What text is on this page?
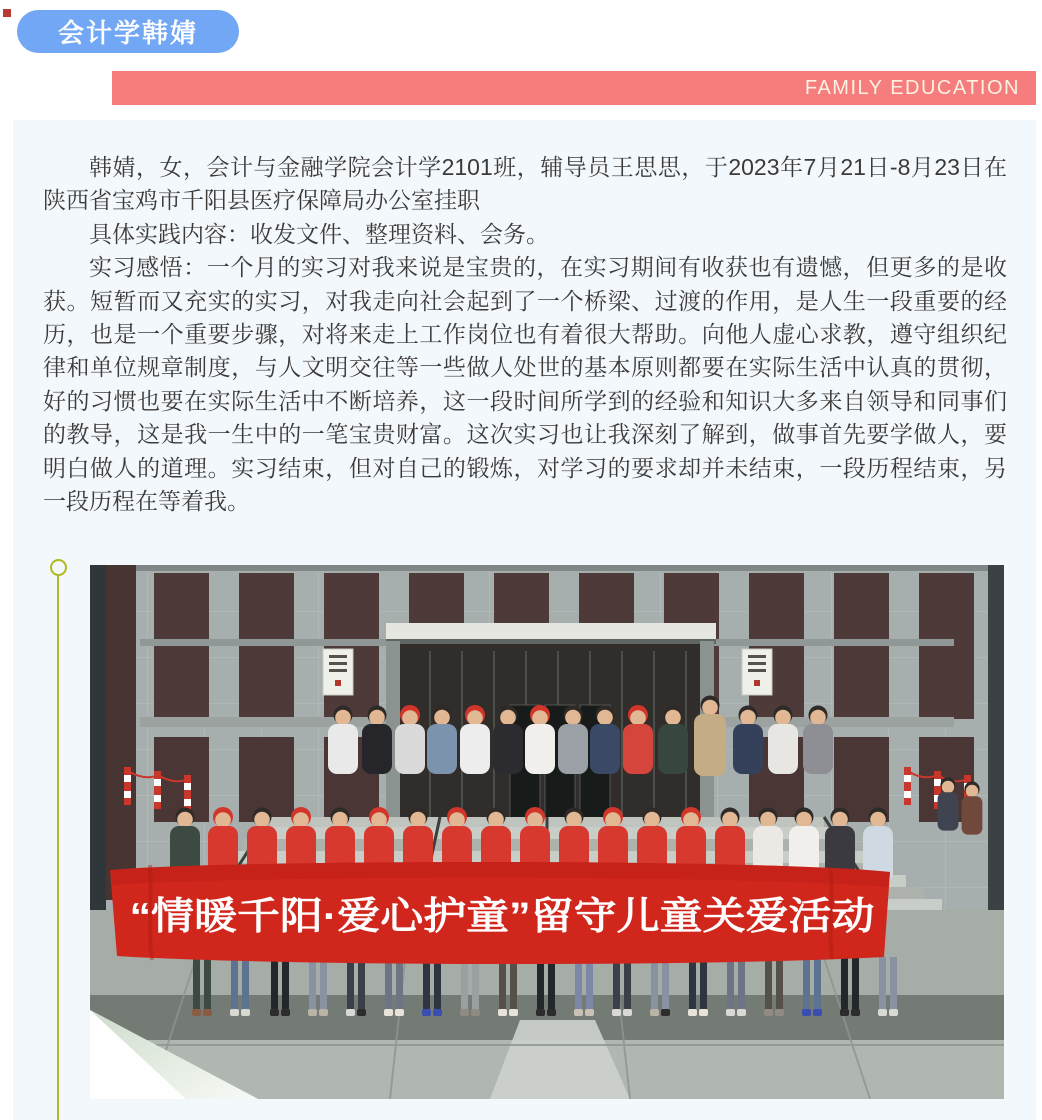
会计学韩婧
FAMILY EDUCATION

韩婧，女，会计与金融学院会计学2101班，辅导员王思思，于2023年7月21日-8月23日在陕西省宝鸡市千阳县医疗保障局办公室挂职

具体实践内容：收发文件、整理资料、会务。

实习感悟：一个月的实习对我来说是宝贵的，在实习期间有收获也有遗憾，但更多的是收获。短暂而又充实的实习，对我走向社会起到了一个桥梁、过渡的作用，是人生一段重要的经历，也是一个重要步骤，对将来走上工作岗位也有着很大帮助。向他人虚心求教，遵守组织纪律和单位规章制度，与人文明交往等一些做人处世的基本原则都要在实际生活中认真的贯彻，好的习惯也要在实际生活中不断培养，这一段时间所学到的经验和知识大多来自领导和同事们的教导，这是我一生中的一笔宝贵财富。这次实习也让我深刻了解到，做事首先要学做人，要明白做人的道理。实习结束，但对自己的锻炼，对学习的要求却并未结束，一段历程结束，另一段历程在等着我。

“情暖千阳·爱心护童”留守儿童关爱活动
